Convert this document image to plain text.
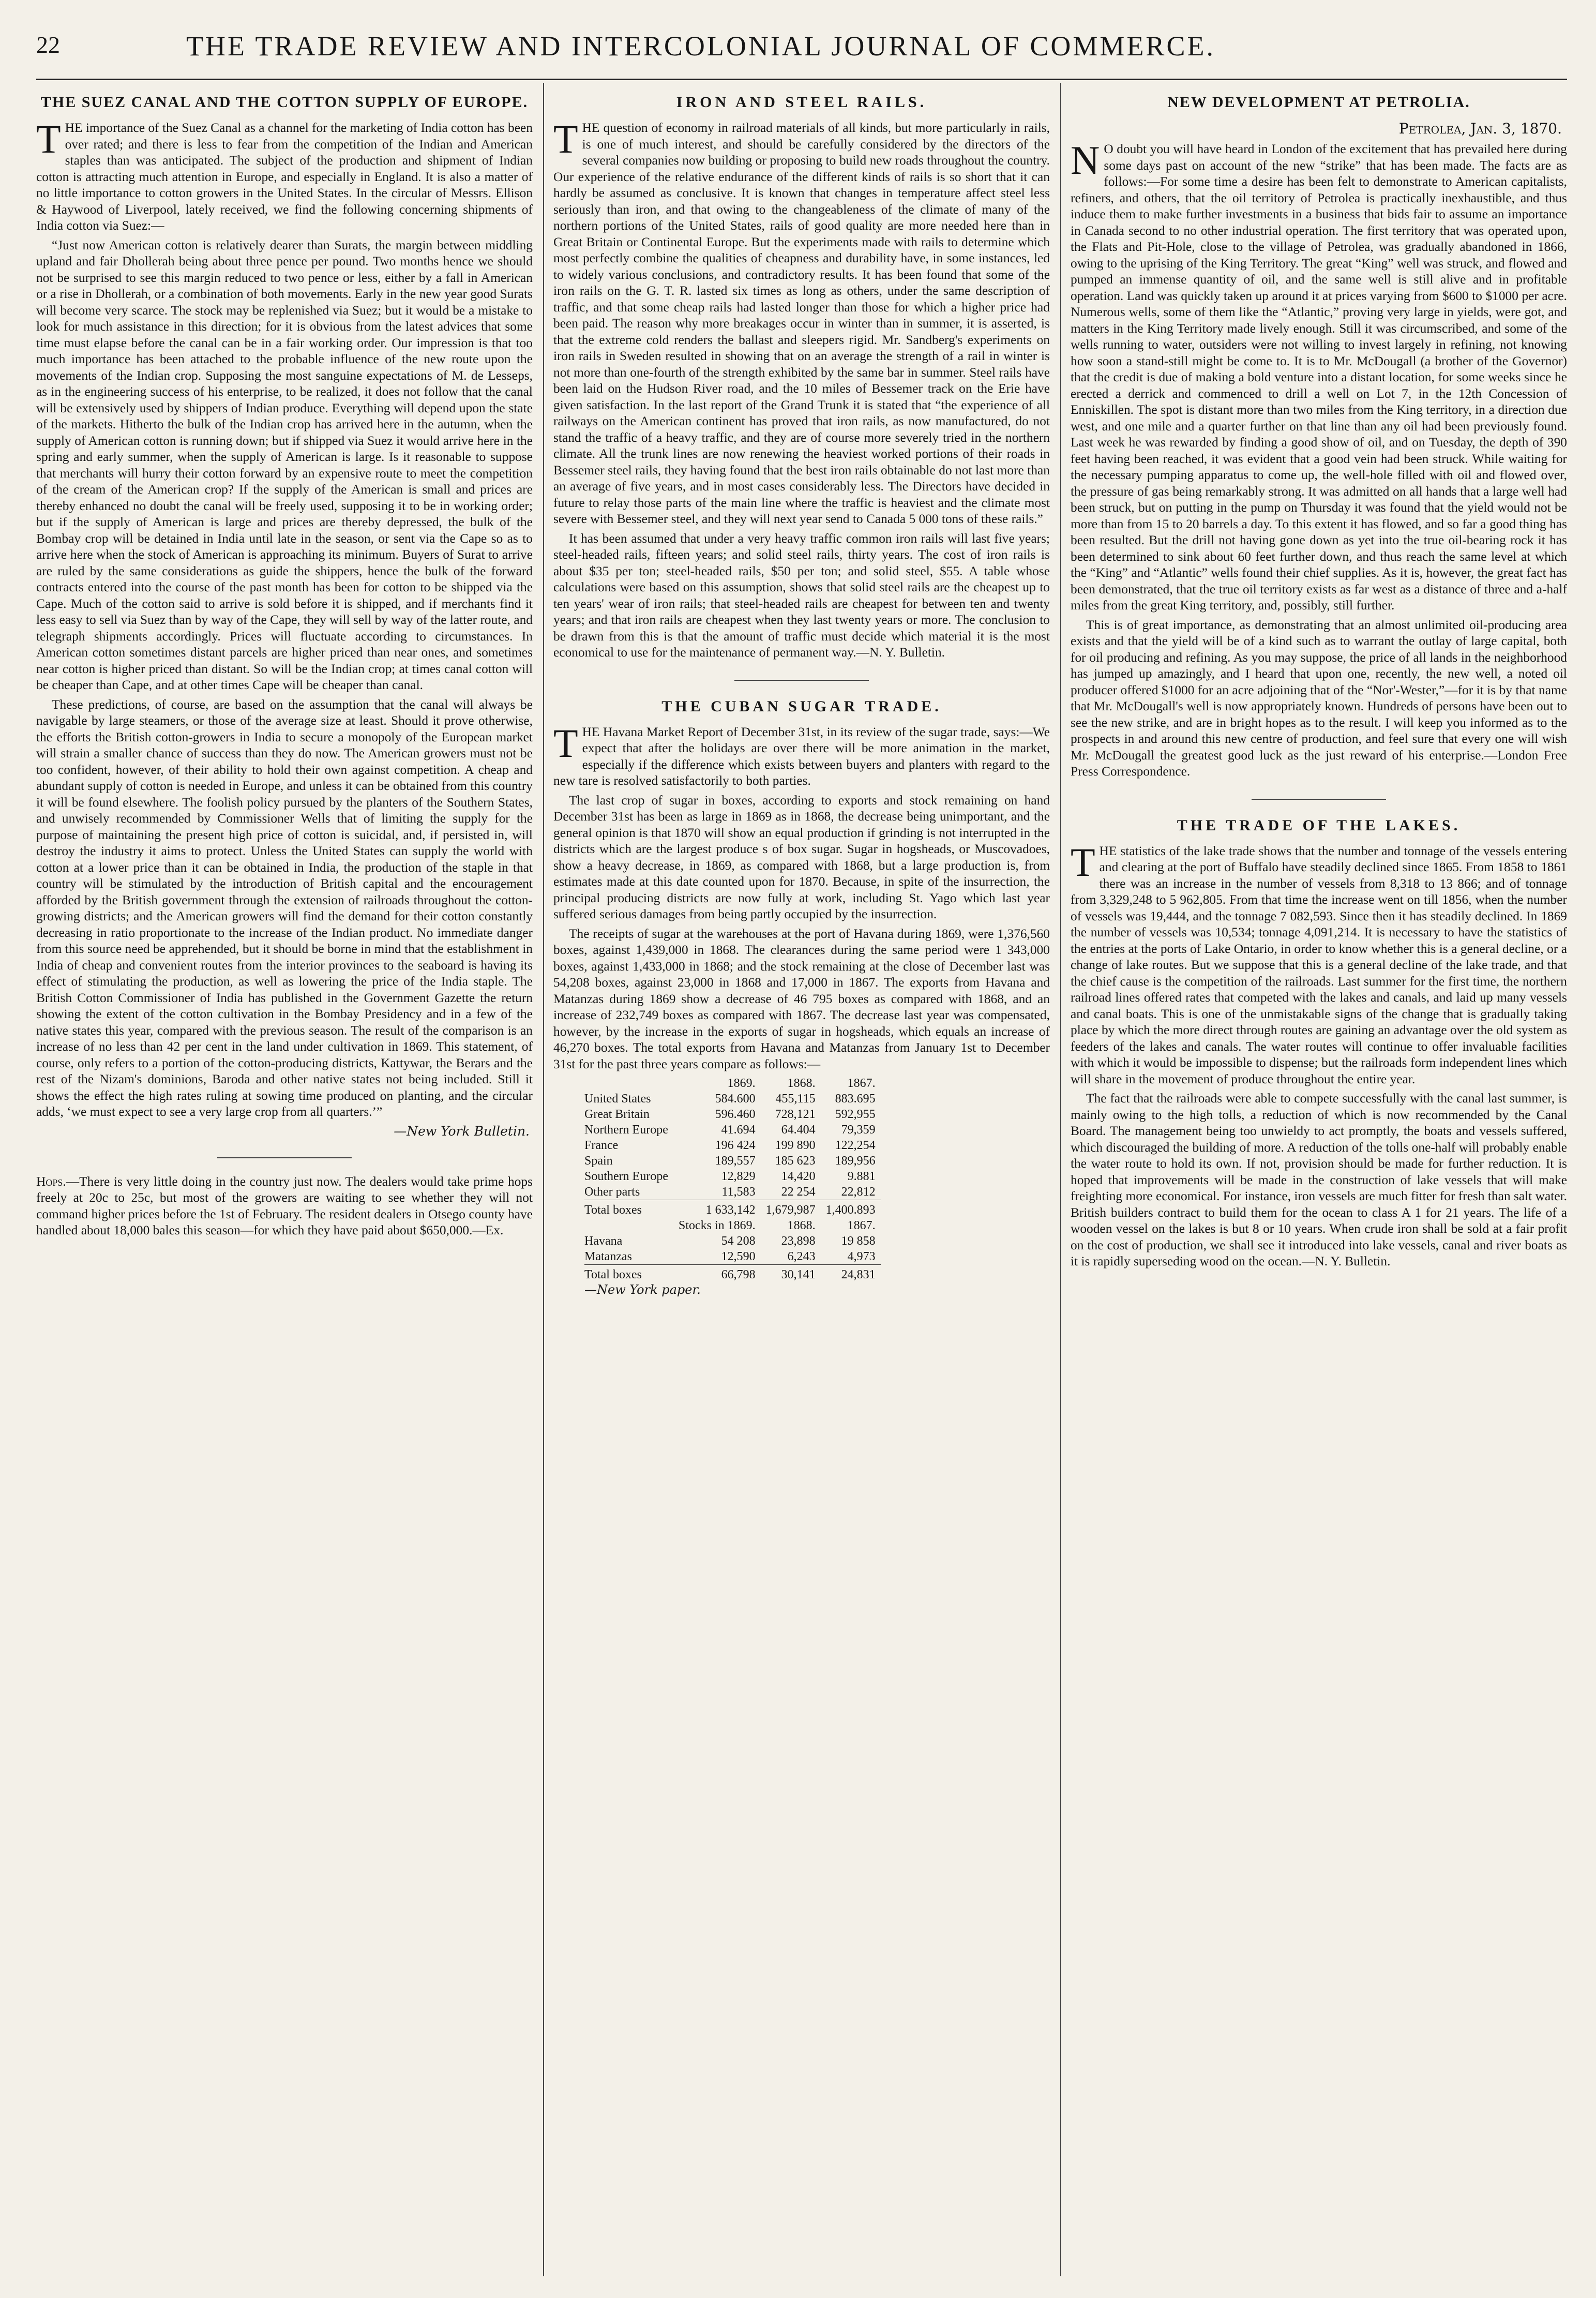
22	THE TRADE REVIEW AND INTERCOLONIAL JOURNAL OF COMMERCE.
THE SUEZ CANAL AND THE COTTON SUPPLY OF EUROPE.

THE importance of the Suez Canal as a channel for the marketing of India cotton has been over rated; and there is less to fear from the competition of the Indian and American staples than was anticipated. The subject of the production and shipment of Indian cotton is attracting much attention in Europe, and especially in England. It is also a matter of no little importance to cotton growers in the United States. In the circular of Messrs. Ellison & Haywood of Liverpool, lately received, we find the following concerning shipments of India cotton via Suez:—

“Just now American cotton is relatively dearer than Surats, the margin between middling upland and fair Dhollerah being about three pence per pound. Two months hence we should not be surprised to see this margin reduced to two pence or less, either by a fall in American or a rise in Dhollerah, or a combination of both movements. Early in the new year good Surats will become very scarce. The stock may be replenished via Suez; but it would be a mistake to look for much assistance in this direction; for it is obvious from the latest advices that some time must elapse before the canal can be in a fair working order. Our impression is that too much importance has been attached to the probable influence of the new route upon the movements of the Indian crop. Supposing the most sanguine expectations of M. de Lesseps, as in the engineering success of his enterprise, to be realized, it does not follow that the canal will be extensively used by shippers of Indian produce. Everything will depend upon the state of the markets. Hitherto the bulk of the Indian crop has arrived here in the autumn, when the supply of American cotton is running down; but if shipped via Suez it would arrive here in the spring and early summer, when the supply of American is large. Is it reasonable to suppose that merchants will hurry their cotton forward by an expensive route to meet the competition of the cream of the American crop? If the supply of the American is small and prices are thereby enhanced no doubt the canal will be freely used, supposing it to be in working order; but if the supply of American is large and prices are thereby depressed, the bulk of the Bombay crop will be detained in India until late in the season, or sent via the Cape so as to arrive here when the stock of American is approaching its minimum. Buyers of Surat to arrive are ruled by the same considerations as guide the shippers, hence the bulk of the forward contracts entered into the course of the past month has been for cotton to be shipped via the Cape. Much of the cotton said to arrive is sold before it is shipped, and if merchants find it less easy to sell via Suez than by way of the Cape, they will sell by way of the latter route, and telegraph shipments accordingly. Prices will fluctuate according to circumstances. In American cotton sometimes distant parcels are higher priced than near ones, and sometimes near cotton is higher priced than distant. So will be the Indian crop; at times canal cotton will be cheaper than Cape, and at other times Cape will be cheaper than canal.

These predictions, of course, are based on the assumption that the canal will always be navigable by large steamers, or those of the average size at least. Should it prove otherwise, the efforts the British cotton-growers in India to secure a monopoly of the European market will strain a smaller chance of success than they do now. The American growers must not be too confident, however, of their ability to hold their own against competition. A cheap and abundant supply of cotton is needed in Europe, and unless it can be obtained from this country it will be found elsewhere. The foolish policy pursued by the planters of the Southern States, and unwisely recommended by Commissioner Wells that of limiting the supply for the purpose of maintaining the present high price of cotton is suicidal, and, if persisted in, will destroy the industry it aims to protect. Unless the United States can supply the world with cotton at a lower price than it can be obtained in India, the production of the staple in that country will be stimulated by the introduction of British capital and the encouragement afforded by the British government through the extension of railroads throughout the cotton-growing districts; and the American growers will find the demand for their cotton constantly decreasing in ratio proportionate to the increase of the Indian product. No immediate danger from this source need be apprehended, but it should be borne in mind that the establishment in India of cheap and convenient routes from the interior provinces to the seaboard is having its effect of stimulating the production, as well as lowering the price of the India staple. The British Cotton Commissioner of India has published in the Government Gazette the return showing the extent of the cotton cultivation in the Bombay Presidency and in a few of the native states this year, compared with the previous season. The result of the comparison is an increase of no less than 42 per cent in the land under cultivation in 1869. This statement, of course, only refers to a portion of the cotton-producing districts, Kattywar, the Berars and the rest of the Nizam's dominions, Baroda and other native states not being included. Still it shows the effect the high rates ruling at sowing time produced on planting, and the circular adds, ‘we must expect to see a very large crop from all quarters.’”

—New York Bulletin.

Hops.—There is very little doing in the country just now. The dealers would take prime hops freely at 20c to 25c, but most of the growers are waiting to see whether they will not command higher prices before the 1st of February. The resident dealers in Otsego county have handled about 18,000 bales this season—for which they have paid about $650,000.—Ex.

IRON AND STEEL RAILS.

THE question of economy in railroad materials of all kinds, but more particularly in rails, is one of much interest, and should be carefully considered by the directors of the several companies now building or proposing to build new roads throughout the country. Our experience of the relative endurance of the different kinds of rails is so short that it can hardly be assumed as conclusive. It is known that changes in temperature affect steel less seriously than iron, and that owing to the changeableness of the climate of many of the northern portions of the United States, rails of good quality are more needed here than in Great Britain or Continental Europe. But the experiments made with rails to determine which most perfectly combine the qualities of cheapness and durability have, in some instances, led to widely various conclusions, and contradictory results. It has been found that some of the iron rails on the G. T. R. lasted six times as long as others, under the same description of traffic, and that some cheap rails had lasted longer than those for which a higher price had been paid. The reason why more breakages occur in winter than in summer, it is asserted, is that the extreme cold renders the ballast and sleepers rigid. Mr. Sandberg's experiments on iron rails in Sweden resulted in showing that on an average the strength of a rail in winter is not more than one-fourth of the strength exhibited by the same bar in summer. Steel rails have been laid on the Hudson River road, and the 10 miles of Bessemer track on the Erie have given satisfaction. In the last report of the Grand Trunk it is stated that “the experience of all railways on the American continent has proved that iron rails, as now manufactured, do not stand the traffic of a heavy traffic, and they are of course more severely tried in the northern climate. All the trunk lines are now renewing the heaviest worked portions of their roads in Bessemer steel rails, they having found that the best iron rails obtainable do not last more than an average of five years, and in most cases considerably less. The Directors have decided in future to relay those parts of the main line where the traffic is heaviest and the climate most severe with Bessemer steel, and they will next year send to Canada 5 000 tons of these rails.”

It has been assumed that under a very heavy traffic common iron rails will last five years; steel-headed rails, fifteen years; and solid steel rails, thirty years. The cost of iron rails is about $35 per ton; steel-headed rails, $50 per ton; and solid steel, $55. A table whose calculations were based on this assumption, shows that solid steel rails are the cheapest up to ten years' wear of iron rails; that steel-headed rails are cheapest for between ten and twenty years; and that iron rails are cheapest when they last twenty years or more. The conclusion to be drawn from this is that the amount of traffic must decide which material it is the most economical to use for the maintenance of permanent way.—N. Y. Bulletin.

THE CUBAN SUGAR TRADE.

THE Havana Market Report of December 31st, in its review of the sugar trade, says:—We expect that after the holidays are over there will be more animation in the market, especially if the difference which exists between buyers and planters with regard to the new tare is resolved satisfactorily to both parties.

The last crop of sugar in boxes, according to exports and stock remaining on hand December 31st has been as large in 1869 as in 1868, the decrease being unimportant, and the general opinion is that 1870 will show an equal production if grinding is not interrupted in the districts which are the largest produce s of box sugar. Sugar in hogsheads, or Muscovadoes, show a heavy decrease, in 1869, as compared with 1868, but a large production is, from estimates made at this date counted upon for 1870. Because, in spite of the insurrection, the principal producing districts are now fully at work, including St. Yago which last year suffered serious damages from being partly occupied by the insurrection.

The receipts of sugar at the warehouses at the port of Havana during 1869, were 1,376,560 boxes, against 1,439,000 in 1868. The clearances during the same period were 1 343,000 boxes, against 1,433,000 in 1868; and the stock remaining at the close of December last was 54,208 boxes, against 23,000 in 1868 and 17,000 in 1867. The exports from Havana and Matanzas during 1869 show a decrease of 46 795 boxes as compared with 1868, and an increase of 232,749 boxes as compared with 1867. The decrease last year was compensated, however, by the increase in the exports of sugar in hogsheads, which equals an increase of 46,270 boxes. The total exports from Havana and Matanzas from January 1st to December 31st for the past three years compare as follows:—

	1869.	1868.	1867.
United States	584.600	455,115	883.695
Great Britain	596.460	728,121	592,955
Northern Europe	41.694	64.404	79,359
France	196 424	199 890	122,254
Spain	189,557	185 623	189,956
Southern Europe	12,829	14,420	9.881
Other parts	11,583	22 254	22,812
Total boxes	1 633,142	1,679,987	1,400.893
	Stocks in 1869.	1868.	1867.
Havana	54 208	23,898	19 858
Matanzas	12,590	6,243	4,973
Total boxes	66,798	30,141	24,831
—New York paper.
NEW DEVELOPMENT AT PETROLIA.
Petrolea, Jan. 3, 1870.

N O doubt you will have heard in London of the excitement that has prevailed here during some days past on account of the new “strike” that has been made. The facts are as follows:—For some time a desire has been felt to demonstrate to American capitalists, refiners, and others, that the oil territory of Petrolea is practically inexhaustible, and thus induce them to make further investments in a business that bids fair to assume an importance in Canada second to no other industrial operation. The first territory that was operated upon, the Flats and Pit-Hole, close to the village of Petrolea, was gradually abandoned in 1866, owing to the uprising of the King Territory. The great “King” well was struck, and flowed and pumped an immense quantity of oil, and the same well is still alive and in profitable operation. Land was quickly taken up around it at prices varying from $600 to $1000 per acre. Numerous wells, some of them like the “Atlantic,” proving very large in yields, were got, and matters in the King Territory made lively enough. Still it was circumscribed, and some of the wells running to water, outsiders were not willing to invest largely in refining, not knowing how soon a stand-still might be come to. It is to Mr. McDougall (a brother of the Governor) that the credit is due of making a bold venture into a distant location, for some weeks since he erected a derrick and commenced to drill a well on Lot 7, in the 12th Concession of Enniskillen. The spot is distant more than two miles from the King territory, in a direction due west, and one mile and a quarter further on that line than any oil had been previously found. Last week he was rewarded by finding a good show of oil, and on Tuesday, the depth of 390 feet having been reached, it was evident that a good vein had been struck. While waiting for the necessary pumping apparatus to come up, the well-hole filled with oil and flowed over, the pressure of gas being remarkably strong. It was admitted on all hands that a large well had been struck, but on putting in the pump on Thursday it was found that the yield would not be more than from 15 to 20 barrels a day. To this extent it has flowed, and so far a good thing has been resulted. But the drill not having gone down as yet into the true oil-bearing rock it has been determined to sink about 60 feet further down, and thus reach the same level at which the “King” and “Atlantic” wells found their chief supplies. As it is, however, the great fact has been demonstrated, that the true oil territory exists as far west as a distance of three and a-half miles from the great King territory, and, possibly, still further.

This is of great importance, as demonstrating that an almost unlimited oil-producing area exists and that the yield will be of a kind such as to warrant the outlay of large capital, both for oil producing and refining. As you may suppose, the price of all lands in the neighborhood has jumped up amazingly, and I heard that upon one, recently, the new well, a noted oil producer offered $1000 for an acre adjoining that of the “Nor'-Wester,”—for it is by that name that Mr. McDougall's well is now appropriately known. Hundreds of persons have been out to see the new strike, and are in bright hopes as to the result. I will keep you informed as to the prospects in and around this new centre of production, and feel sure that every one will wish Mr. McDougall the greatest good luck as the just reward of his enterprise.—London Free Press Correspondence.

THE TRADE OF THE LAKES.

THE statistics of the lake trade shows that the number and tonnage of the vessels entering and clearing at the port of Buffalo have steadily declined since 1865. From 1858 to 1861 there was an increase in the number of vessels from 8,318 to 13 866; and of tonnage from 3,329,248 to 5 962,805. From that time the increase went on till 1856, when the number of vessels was 19,444, and the tonnage 7 082,593. Since then it has steadily declined. In 1869 the number of vessels was 10,534; tonnage 4,091,214. It is necessary to have the statistics of the entries at the ports of Lake Ontario, in order to know whether this is a general decline, or a change of lake routes. But we suppose that this is a general decline of the lake trade, and that the chief cause is the competition of the railroads. Last summer for the first time, the northern railroad lines offered rates that competed with the lakes and canals, and laid up many vessels and canal boats. This is one of the unmistakable signs of the change that is gradually taking place by which the more direct through routes are gaining an advantage over the old system as feeders of the lakes and canals. The water routes will continue to offer invaluable facilities with which it would be impossible to dispense; but the railroads form independent lines which will share in the movement of produce throughout the entire year.

The fact that the railroads were able to compete successfully with the canal last summer, is mainly owing to the high tolls, a reduction of which is now recommended by the Canal Board. The management being too unwieldy to act promptly, the boats and vessels suffered, which discouraged the building of more. A reduction of the tolls one-half will probably enable the water route to hold its own. If not, provision should be made for further reduction. It is hoped that improvements will be made in the construction of lake vessels that will make freighting more economical. For instance, iron vessels are much fitter for fresh than salt water. British builders contract to build them for the ocean to class A 1 for 21 years. The life of a wooden vessel on the lakes is but 8 or 10 years. When crude iron shall be sold at a fair profit on the cost of production, we shall see it introduced into lake vessels, canal and river boats as it is rapidly superseding wood on the ocean.—N. Y. Bulletin.
